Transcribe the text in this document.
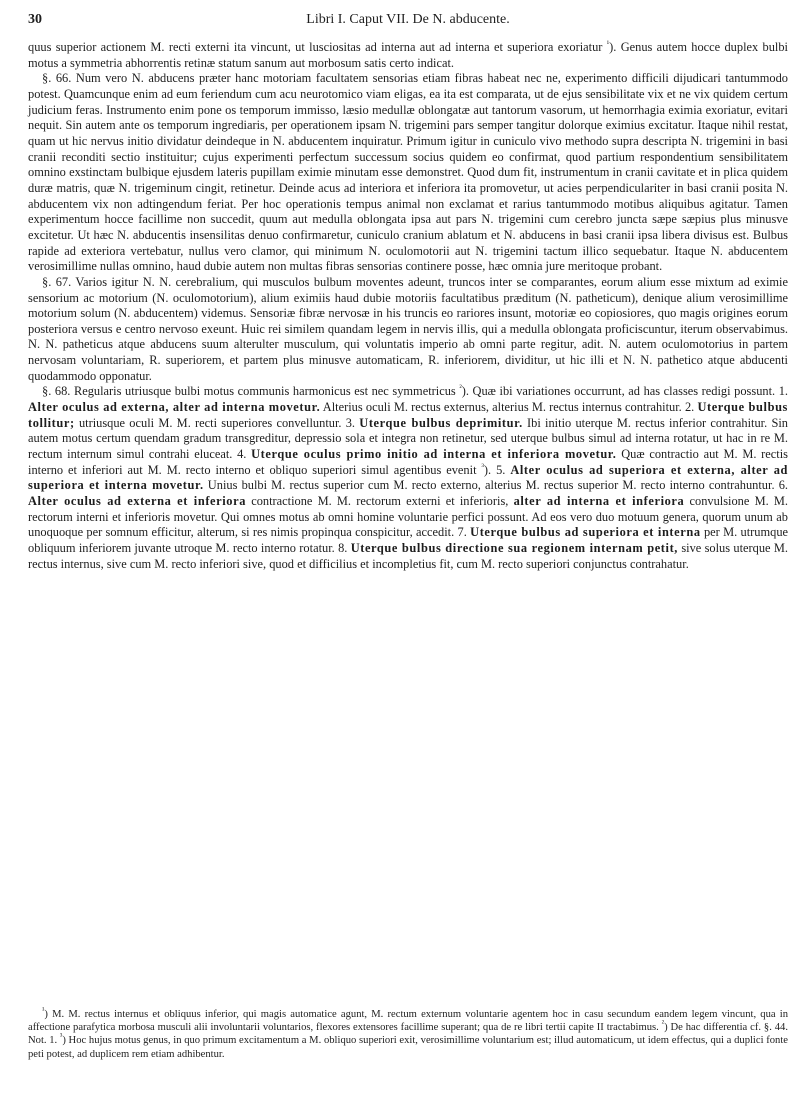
30	Libri I. Caput VII. De N. abducente.

quus superior actionem M. recti externi ita vincunt, ut lusciositas ad interna aut ad interna et superiora exoriatur $^{^1}$). Genus autem hocce duplex bulbi motus a symmetria abhorrentis retinæ statum sanum aut morbosum satis certo indicat.

§. 66. Num vero N. abducens præter hanc motoriam facultatem sensorias etiam fibras habeat nec ne, experimento difficili dijudicari tantummodo potest. Quamcunque enim ad eum feriendum cum acu neurotomico viam eligas, ea ita est comparata, ut de ejus sensibilitate vix et ne vix quidem certum judicium feras. Instrumento enim pone os temporum immisso, læsio medullæ oblongatæ aut tantorum vasorum, ut hemorrhagia eximia exoriatur, evitari nequit. Sin autem ante os temporum ingrediaris, per operationem ipsam N. trigemini pars semper tangitur dolorque eximius excitatur. Itaque nihil restat, quam ut hic nervus initio dividatur deindeque in N. abducentem inquiratur. Primum igitur in cuniculo vivo methodo supra descripta N. trigemini in basi cranii reconditi sectio instituitur; cujus experimenti perfectum successum socius quidem eo confirmat, quod partium respondentium sensibilitatem omnino exstinctam bulbique ejusdem lateris pupillam eximie minutam esse demonstret. Quod dum fit, instrumentum in cranii cavitate et in plica quidem duræ matris, quæ N. trigeminum cingit, retinetur. Deinde acus ad interiora et inferiora ita promovetur, ut acies perpendiculariter in basi cranii posita N. abducentem vix non adtingendum feriat. Per hoc operationis tempus animal non exclamat et rarius tantummodo motibus aliquibus agitatur. Tamen experimentum hocce facillime non succedit, quum aut medulla oblongata ipsa aut pars N. trigemini cum cerebro juncta sæpe sæpius plus minusve excitetur. Ut hæc N. abducentis insensilitas denuo confirmaretur, cuniculo cranium ablatum et N. abducens in basi cranii ipsa libera divisus est. Bulbus rapide ad exteriora vertebatur, nullus vero clamor, qui minimum N. oculomotorii aut N. trigemini tactum illico sequebatur. Itaque N. abducentem verosimillime nullas omnino, haud dubie autem non multas fibras sensorias continere posse, hæc omnia jure meritoque probant.

§. 67. Varios igitur N. N. cerebralium, qui musculos bulbum moventes adeunt, truncos inter se comparantes, eorum alium esse mixtum ad eximie sensorium ac motorium (N. oculomotorium), alium eximiis haud dubie motoriis facultatibus præditum (N. patheticum), denique alium verosimillime motorium solum (N. abducentem) videmus. Sensoriæ fibræ nervosæ in his truncis eo rariores insunt, motoriæ eo copiosiores, quo magis origines eorum posteriora versus e centro nervoso exeunt. Huic rei similem quandam legem in nervis illis, qui a medulla oblongata proficiscuntur, iterum observabimus. N. N. patheticus atque abducens suum alterulter musculum, qui voluntatis imperio ab omni parte regitur, adit. N. autem oculomotorius in partem nervosam voluntariam, R. superiorem, et partem plus minusve automaticam, R. inferiorem, dividitur, ut hic illi et N. N. pathetico atque abducenti quodammodo opponatur.

§. 68. Regularis utriusque bulbi motus communis harmonicus est nec symmetricus $^{^2}$). Quæ ibi variationes occurrunt, ad has classes redigi possunt. 1. Alter oculus ad externa, alter ad interna movetur. Alterius oculi M. rectus externus, alterius M. rectus internus contrahitur. 2. Uterque bulbus tollitur; utriusque oculi M. M. recti superiores convelluntur. 3. Uterque bulbus deprimitur. Ibi initio uterque M. rectus inferior contrahitur. Sin autem motus certum quendam gradum transgreditur, depressio sola et integra non retinetur, sed uterque bulbus simul ad interna rotatur, ut hac in re M. rectum internum simul contrahi eluceat. 4. Uterque oculus primo initio ad interna et inferiora movetur. Quæ contractio aut M. M. rectis interno et inferiori aut M. M. recto interno et obliquo superiori simul agentibus evenit $^{^3}$). 5. Alter oculus ad superiora et externa, alter ad superiora et interna movetur. Unius bulbi M. rectus superior cum M. recto externo, alterius M. rectus superior M. recto interno contrahuntur. 6. Alter oculus ad externa et inferiora contractione M. M. rectorum externi et inferioris, alter ad interna et inferiora convulsione M. M. rectorum interni et inferioris movetur. Qui omnes motus ab omni homine voluntarie perfici possunt. Ad eos vero duo motuum genera, quorum unum ab unoquoque per somnum efficitur, alterum, si res nimis propinqua conspicitur, accedit. 7. Uterque bulbus ad superiora et interna per M. utrumque obliquum inferiorem juvante utroque M. recto interno rotatur. 8. Uterque bulbus directione sua regionem internam petit, sive solus uterque M. rectus internus, sive cum M. recto inferiori sive, quod et difficilius et incompletius fit, cum M. recto superiori conjunctus contrahatur.

$^{^1}$) M. M. rectus internus et obliquus inferior, qui magis automatice agunt, M. rectum externum voluntarie agentem hoc in casu secundum eandem legem vincunt, qua in affectione parafytica morbosa musculi alii involuntarii voluntarios, flexores extensores facillime superant; qua de re libri tertii capite II tractabimus. $^{^2}$) De hac differentia cf. §. 44. Not. 1. $^{^3}$) Hoc hujus motus genus, in quo primum excitamentum a M. obliquo superiori exit, verosimillime voluntarium est; illud automaticum, ut idem effectus, qui a duplici fonte peti potest, ad duplicem rem etiam adhibentur.
